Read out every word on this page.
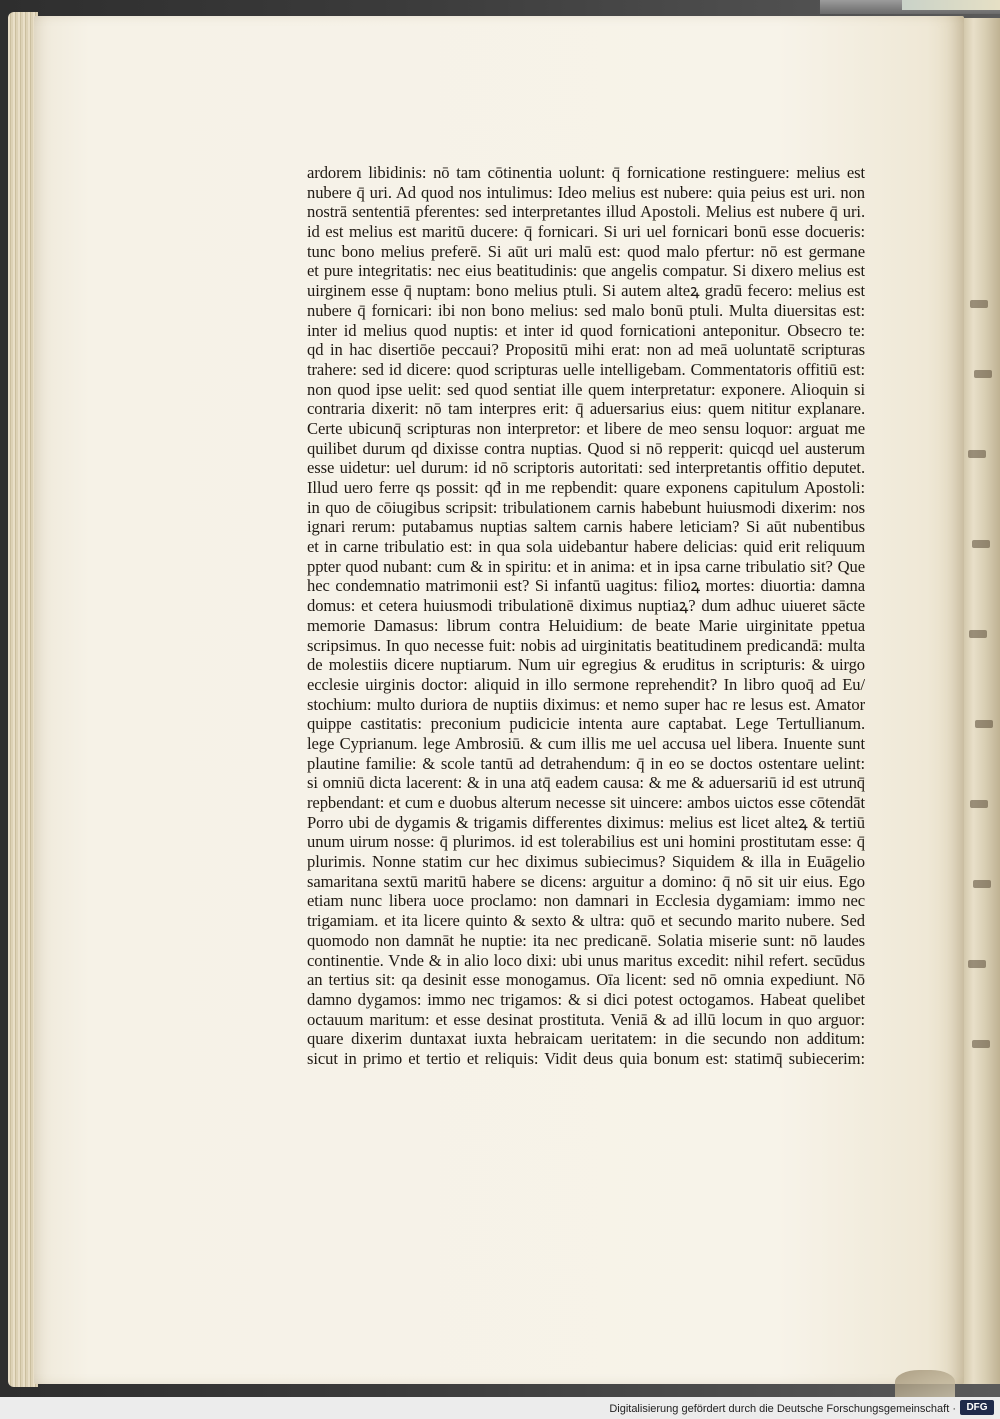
ardorem libidinis: nō tam cōtinentia uolunt: q̄ fornicatione restinguere: melius est
nubere q̄ uri. Ad quod nos intulimus: Ideo melius est nubere: quia peius est uri. non
nostrā sententiā pferentes: sed interpretantes illud Apostoli. Melius est nubere q̄ uri.
id est melius est maritū ducere: q̄ fornicari. Si uri uel fornicari bonū esse docueris:
tunc bono melius preferē. Si aūt uri malū est: quod malo pfertur: nō est germane
et pure integritatis: nec eius beatitudinis: que angelis compatur. Si dixero melius est
uirginem esse q̄ nuptam: bono melius ptuli. Si autem alteꝝ gradū fecero: melius est
nubere q̄ fornicari: ibi non bono melius: sed malo bonū ptuli. Multa diuersitas est:
inter id melius quod nuptis: et inter id quod fornicationi anteponitur. Obsecro te:
qd in hac disertiōe peccaui? Propositū mihi erat: non ad meā uoluntatē scripturas
trahere: sed id dicere: quod scripturas uelle intelligebam. Commentatoris offitiū est:
non quod ipse uelit: sed quod sentiat ille quem interpretatur: exponere. Alioquin si
contraria dixerit: nō tam interpres erit: q̄ aduersarius eius: quem nititur explanare.
Certe ubicunq̄ scripturas non interpretor: et libere de meo sensu loquor: arguat me
quilibet durum qd dixisse contra nuptias. Quod si nō repperit: quicqd uel austerum
esse uidetur: uel durum: id nō scriptoris autoritati: sed interpretantis offitio deputet.
Illud uero ferre qs possit: qđ in me repbendit: quare exponens capitulum Apostoli:
in quo de cōiugibus scripsit: tribulationem carnis habebunt huiusmodi dixerim: nos
ignari rerum: putabamus nuptias saltem carnis habere leticiam? Si aūt nubentibus
et in carne tribulatio est: in qua sola uidebantur habere delicias: quid erit reliquum
ppter quod nubant: cum & in spiritu: et in anima: et in ipsa carne tribulatio sit? Que
hec condemnatio matrimonii est? Si infantū uagitus: filioꝝ mortes: diuortia: damna
domus: et cetera huiusmodi tribulationē diximus nuptiaꝝ? dum adhuc uiueret sācte
memorie Damasus: librum contra Heluidium: de beate Marie uirginitate ppetua
scripsimus. In quo necesse fuit: nobis ad uirginitatis beatitudinem predicandā: multa
de molestiis dicere nuptiarum. Num uir egregius & eruditus in scripturis: & uirgo
ecclesie uirginis doctor: aliquid in illo sermone reprehendit? In libro quoq̄ ad Eu/
stochium: multo duriora de nuptiis diximus: et nemo super hac re lesus est. Amator
quippe castitatis: preconium pudicicie intenta aure captabat. Lege Tertullianum.
lege Cyprianum. lege Ambrosiū. & cum illis me uel accusa uel libera. Inuente sunt
plautine familie: & scole tantū ad detrahendum: q̄ in eo se doctos ostentare uelint:
si omniū dicta lacerent: & in una atq̄ eadem causa: & me & aduersariū id est utrunq̄
repbendant: et cum e duobus alterum necesse sit uincere: ambos uictos esse cōtendāt
Porro ubi de dygamis & trigamis differentes diximus: melius est licet alteꝝ & tertiū
unum uirum nosse: q̄ plurimos. id est tolerabilius est uni homini prostitutam esse: q̄
plurimis. Nonne statim cur hec diximus subiecimus? Siquidem & illa in Euāgelio
samaritana sextū maritū habere se dicens: arguitur a domino: q̄ nō sit uir eius. Ego
etiam nunc libera uoce proclamo: non damnari in Ecclesia dygamiam: immo nec
trigamiam. et ita licere quinto & sexto & ultra: quō et secundo marito nubere. Sed
quomodo non damnāt he nuptie: ita nec predicanē. Solatia miserie sunt: nō laudes
continentie. Vnde & in alio loco dixi: ubi unus maritus excedit: nihil refert. secūdus
an tertius sit: qa desinit esse monogamus. Oīa licent: sed nō omnia expediunt. Nō
damno dygamos: immo nec trigamos: & si dici potest octogamos. Habeat quelibet
octauum maritum: et esse desinat prostituta. Veniā & ad illū locum in quo arguor:
quare dixerim duntaxat iuxta hebraicam ueritatem: in die secundo non additum:
sicut in primo et tertio et reliquis: Vidit deus quia bonum est: statimq̄ subiecerim:
Digitalisierung gefördert durch die Deutsche Forschungsgemeinschaft ·	DFG
